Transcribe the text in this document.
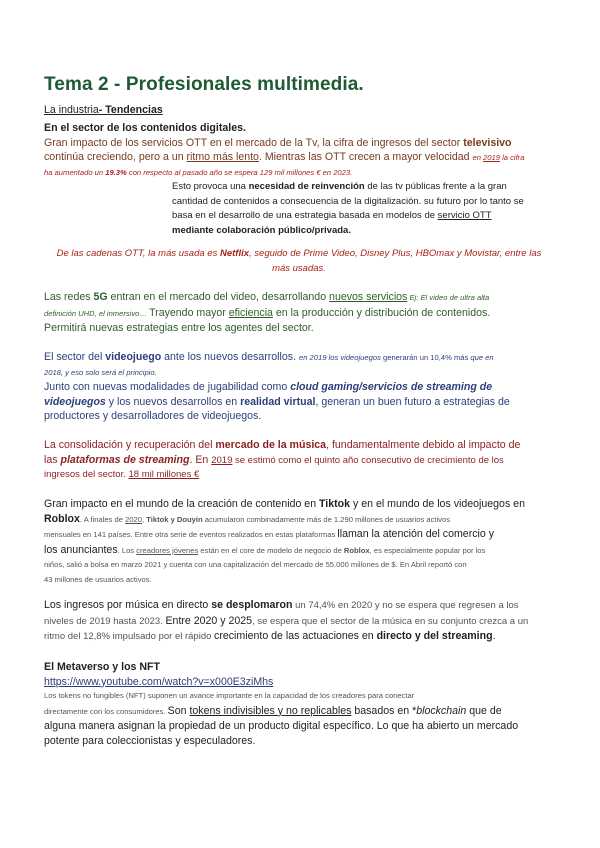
Tema 2 - Profesionales multimedia.
La industria- Tendencias
En el sector de los contenidos digitales.
Gran impacto de los servicios OTT en el mercado de la Tv, la cifra de ingresos del sector televisivo
continúa creciendo, pero a un ritmo más lento. Mientras las OTT crecen a mayor velocidad en 2019 la cifra
ha aumentado un 19.3% con respecto al pasado año se espera 129 mil millones € en 2023.
Esto provoca una necesidad de reinvención de las tv públicas frente a la gran
cantidad de contenidos a consecuencia de la digitalización. su futuro por lo tanto se
basa en el desarrollo de una estrategia basada en modelos de servicio OTT
mediante colaboración público/privada.
De las cadenas OTT, la más usada es Netflix, seguido de Prime Video, Disney Plus, HBOmax y Movistar, entre las
más usadas.
Las redes 5G entran en el mercado del video, desarrollando nuevos servicios Ej: El video de ultra alta
definición UHD, el inmersivo… Trayendo mayor eficiencia en la producción y distribución de contenidos.
Permitirá nuevas estrategias entre los agentes del sector.
El sector del videojuego ante los nuevos desarrollos. en 2019 los videojuegos generarán un 10,4% más que en
2018, y eso solo será el principio.
Junto con nuevas modalidades de jugabilidad como cloud gaming/servicios de streaming de
videojuegos y los nuevos desarrollos en realidad virtual, generan un buen futuro a estrategias de
productores y desarrolladores de videojuegos.
La consolidación y recuperación del mercado de la música, fundamentalmente debido al impacto de
las plataformas de streaming. En 2019 se estimó como el quinto año consecutivo de crecimiento de los
ingresos del sector. 18 mil millones €
Gran impacto en el mundo de la creación de contenido en Tiktok y en el mundo de los videojuegos en
Roblox. A finales de 2020, Tiktok y Douyin acumularon combinadamente más de 1.290 millones de usuarios activos
mensuales en 141 países. Entre otra serie de eventos realizados en estas plataformas llaman la atención del comercio y
los anunciantes. Los creadores jóvenes están en el core de modelo de negocio de Roblox, es especialmente popular por los
niños, salió a bolsa en marzo 2021 y cuenta con una capitalización del mercado de 55.000 millones de $. En Abril reportó con
43 millones de usuarios activos.
Los ingresos por música en directo se desplomaron un 74,4% en 2020 y no se espera que regresen a los
niveles de 2019 hasta 2023. Entre 2020 y 2025, se espera que el sector de la música en su conjunto crezca a un
ritmo del 12,8% impulsado por el rápido crecimiento de las actuaciones en directo y del streaming.
El Metaverso y los NFT
https://www.youtube.com/watch?v=x000E3ziMhs
Los tokens no fungibles (NFT) suponen un avance importante en la capacidad de los creadores para conectar
directamente con los consumidores. Son tokens indivisibles y no replicables basados en *blockchain que de
alguna manera asignan la propiedad de un producto digital específico. Lo que ha abierto un mercado
potente para coleccionistas y especuladores.
